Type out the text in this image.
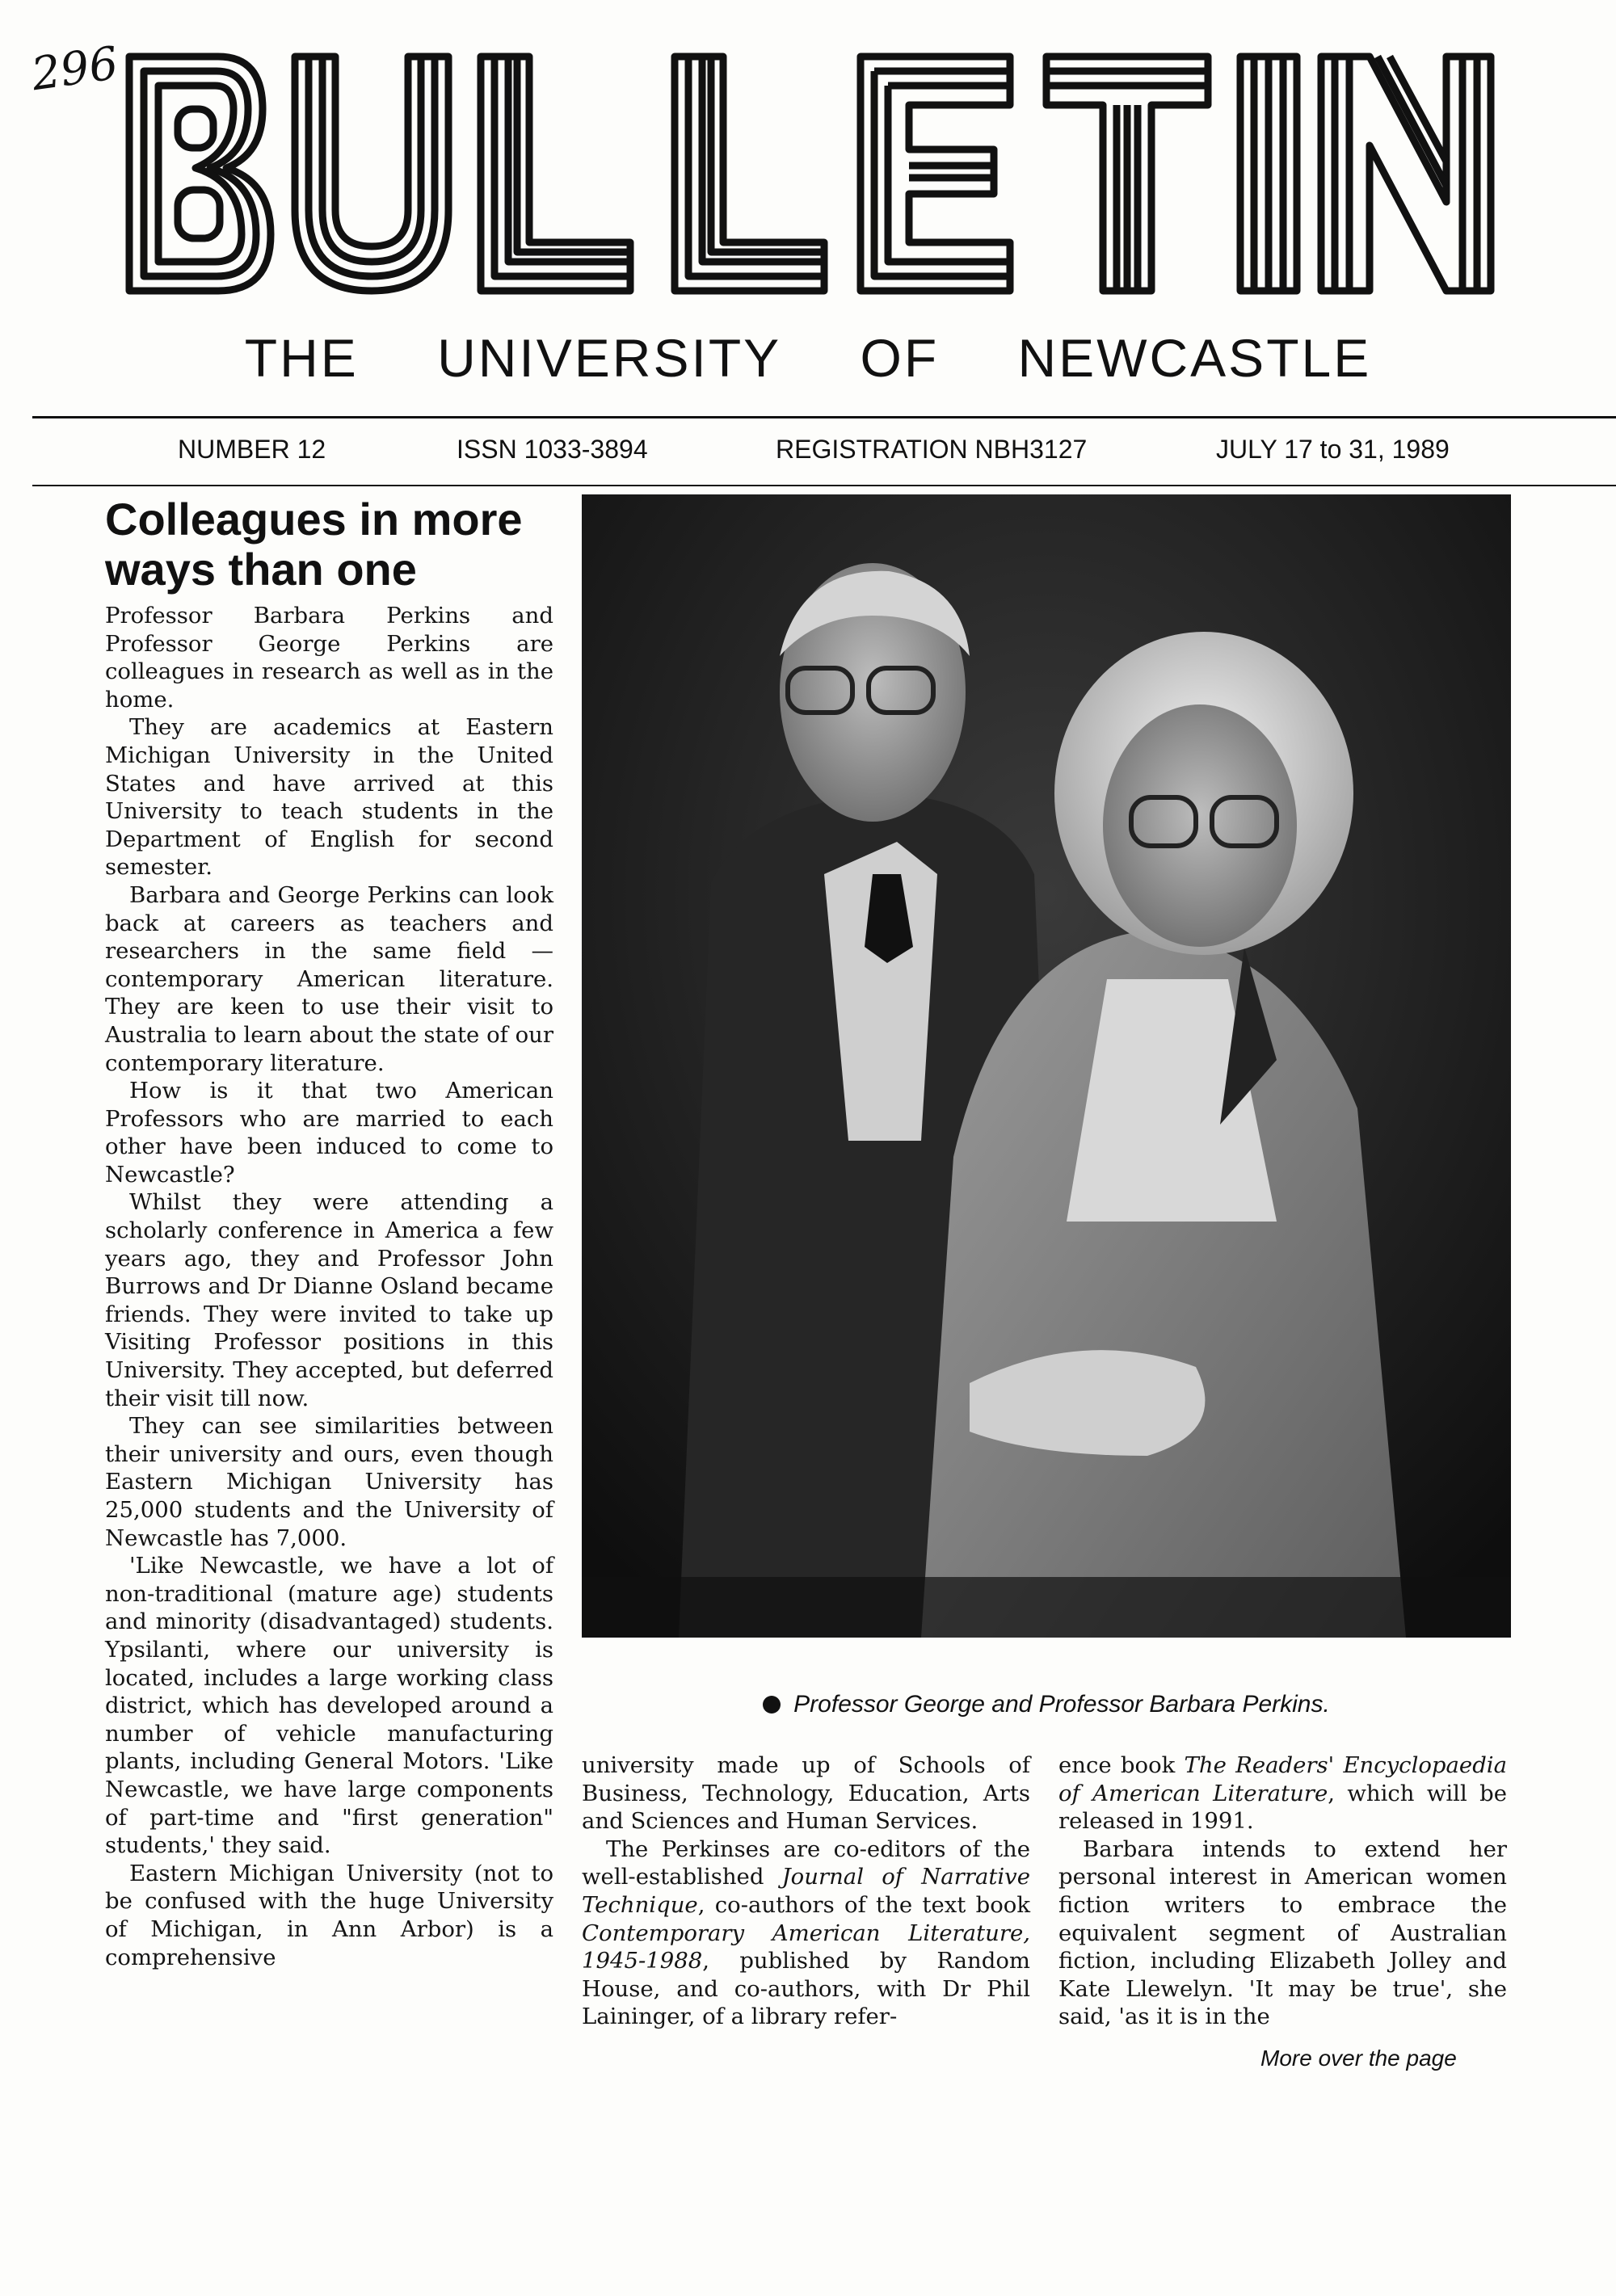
296
THE UNIVERSITY OF NEWCASTLE
NUMBER 12	ISSN 1033-3894	REGISTRATION NBH3127	JULY 17 to 31, 1989
Colleagues in more ways than one

Professor Barbara Perkins and Professor George Perkins are colleagues in research as well as in the home.

They are academics at Eastern Michigan University in the United States and have arrived at this University to teach students in the Department of English for second semester.

Barbara and George Perkins can look back at careers as teachers and researchers in the same field — contemporary American literature. They are keen to use their visit to Australia to learn about the state of our contemporary literature.

How is it that two American Professors who are married to each other have been induced to come to Newcastle?

Whilst they were attending a scholarly conference in America a few years ago, they and Professor John Burrows and Dr Dianne Osland became friends. They were invited to take up Visiting Professor positions in this University. They accepted, but deferred their visit till now.

They can see similarities between their university and ours, even though Eastern Michigan University has 25,000 students and the University of Newcastle has 7,000.

'Like Newcastle, we have a lot of non-traditional (mature age) students and minority (disadvantaged) students. Ypsilanti, where our university is located, includes a large working class district, which has developed around a number of vehicle manufacturing plants, including General Motors. 'Like Newcastle, we have large components of part-time and "first generation" students,' they said.

Eastern Michigan University (not to be confused with the huge University of Michigan, in Ann Arbor) is a comprehensive

Professor George and Professor Barbara Perkins.

university made up of Schools of Business, Technology, Education, Arts and Sciences and Human Services.

The Perkinses are co-editors of the well-established Journal of Narrative Technique, co-authors of the text book Contemporary American Literature, 1945-1988, published by Random House, and co-authors, with Dr Phil Laininger, of a library refer-

ence book The Readers' Encyclopaedia of American Literature, which will be released in 1991.

Barbara intends to extend her personal interest in American women fiction writers to embrace the equivalent segment of Australian fiction, including Elizabeth Jolley and Kate Llewelyn. 'It may be true', she said, 'as it is in the

More over the page
